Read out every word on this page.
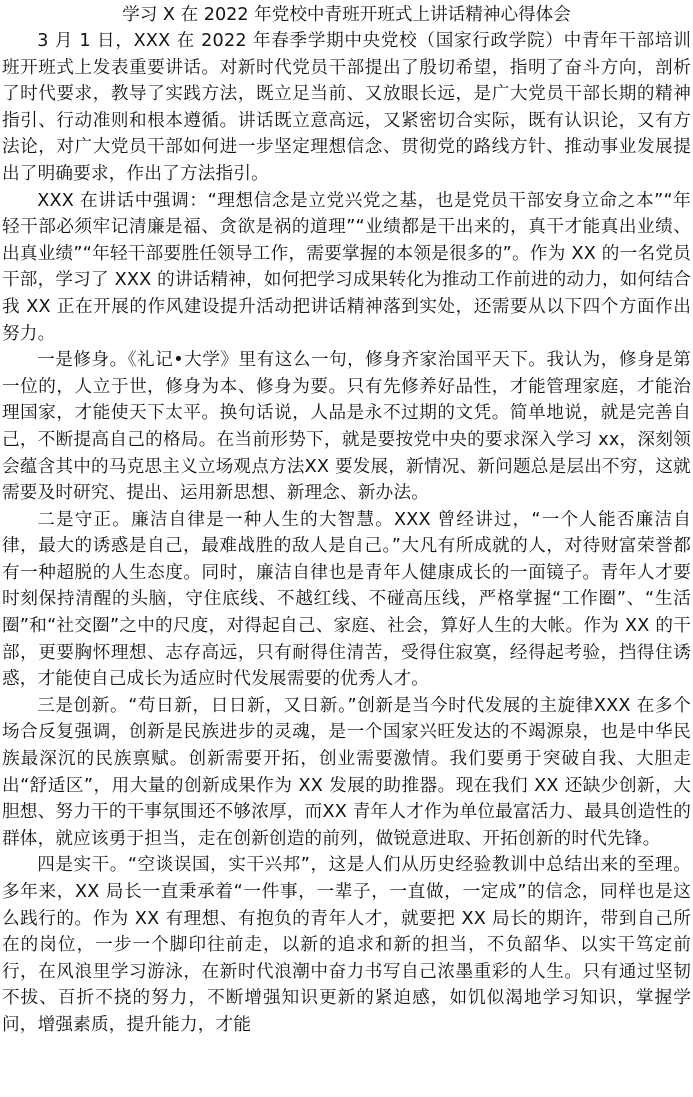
学习 X 在 2022 年党校中青班开班式上讲话精神心得体会

3 月 1 日，XXX 在 2022 年春季学期中央党校（国家行政学院）中青年干部培训班开班式上发表重要讲话。对新时代党员干部提出了殷切希望，指明了奋斗方向，剖析了时代要求，教导了实践方法，既立足当前、又放眼长远，是广大党员干部长期的精神指引、行动准则和根本遵循。讲话既立意高远，又紧密切合实际，既有认识论，又有方法论，对广大党员干部如何进一步坚定理想信念、贯彻党的路线方针、推动事业发展提出了明确要求，作出了方法指引。

XXX 在讲话中强调：“理想信念是立党兴党之基，也是党员干部安身立命之本”“年轻干部必须牢记清廉是福、贪欲是祸的道理”“业绩都是干出来的，真干才能真出业绩、出真业绩”“年轻干部要胜任领导工作，需要掌握的本领是很多的”。作为 XX 的一名党员干部，学习了 XXX 的讲话精神，如何把学习成果转化为推动工作前进的动力，如何结合我 XX 正在开展的作风建设提升活动把讲话精神落到实处，还需要从以下四个方面作出努力。

一是修身。《礼记•大学》里有这么一句，修身齐家治国平天下。我认为，修身是第一位的，人立于世，修身为本、修身为要。只有先修养好品性，才能管理家庭，才能治理国家，才能使天下太平。换句话说，人品是永不过期的文凭。简单地说，就是完善自己，不断提高自己的格局。在当前形势下，就是要按党中央的要求深入学习 xx，深刻领会蕴含其中的马克思主义立场观点方法XX 要发展，新情况、新问题总是层出不穷，这就需要及时研究、提出、运用新思想、新理念、新办法。

二是守正。廉洁自律是一种人生的大智慧。XXX 曾经讲过，“一个人能否廉洁自律，最大的诱惑是自己，最难战胜的敌人是自己。”大凡有所成就的人，对待财富荣誉都有一种超脱的人生态度。同时，廉洁自律也是青年人健康成长的一面镜子。青年人才要时刻保持清醒的头脑，守住底线、不越红线、不碰高压线，严格掌握“工作圈”、“生活圈”和“社交圈”之中的尺度，对得起自己、家庭、社会，算好人生的大帐。作为 XX 的干部，更要胸怀理想、志存高远，只有耐得住清苦，受得住寂寞，经得起考验，挡得住诱惑，才能使自己成长为适应时代发展需要的优秀人才。

三是创新。“苟日新，日日新，又日新。”创新是当今时代发展的主旋律XXX 在多个场合反复强调，创新是民族进步的灵魂，是一个国家兴旺发达的不竭源泉，也是中华民族最深沉的民族禀赋。创新需要开拓，创业需要激情。我们要勇于突破自我、大胆走出“舒适区”，用大量的创新成果作为 XX 发展的助推器。现在我们 XX 还缺少创新，大胆想、努力干的干事氛围还不够浓厚，而XX 青年人才作为单位最富活力、最具创造性的群体，就应该勇于担当，走在创新创造的前列，做锐意进取、开拓创新的时代先锋。

四是实干。“空谈误国，实干兴邦”，这是人们从历史经验教训中总结出来的至理。多年来，XX 局长一直秉承着“一件事，一辈子，一直做，一定成”的信念，同样也是这么践行的。作为 XX 有理想、有抱负的青年人才，就要把 XX 局长的期许，带到自己所在的岗位，一步一个脚印往前走，以新的追求和新的担当，不负韶华、以实干笃定前行，在风浪里学习游泳，在新时代浪潮中奋力书写自己浓墨重彩的人生。只有通过坚韧不拔、百折不挠的努力，不断增强知识更新的紧迫感，如饥似渴地学习知识，掌握学问，增强素质，提升能力，才能
